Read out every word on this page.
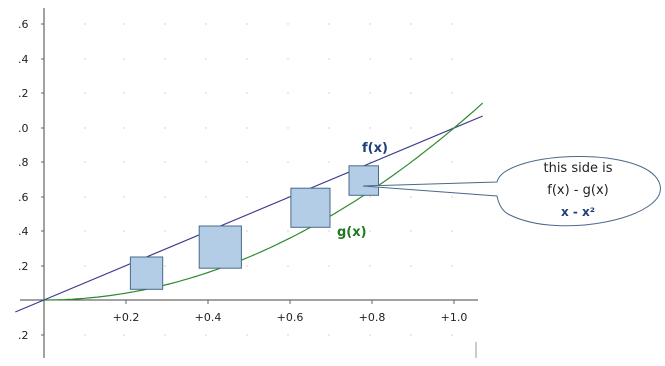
.6
.4
.2
.0
.8
.6
.4
.2
.2
+0.2	+0.4	+0.6	+0.8	+1.0
f(x)
g(x)
this side is
f(x) - g(x)
x - x²
